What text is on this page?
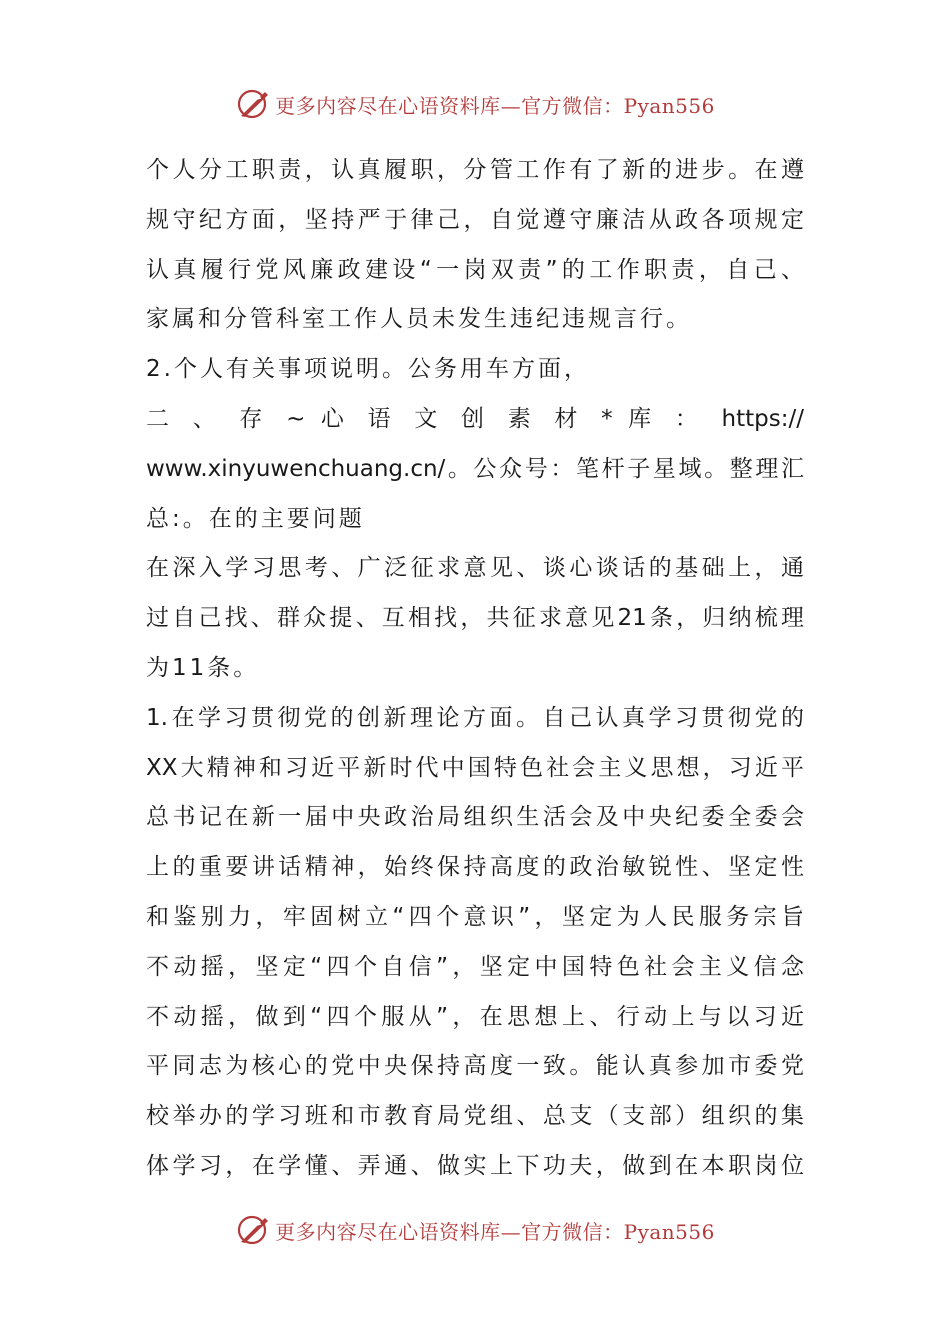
更多内容尽在心语资料库—官方微信：Pyan556

个人分工职责，认真履职，分管工作有了新的进步。在遵

规守纪方面，坚持严于律己，自觉遵守廉洁从政各项规定

认真履行党风廉政建设“一岗双责”的工作职责，自己、

家属和分管科室工作人员未发生违纪违规言行。

2.个人有关事项说明。公务用车方面，

二 、 存 ~ 心 语 文 创 素 材 * 库 ： https://

www.xinyuwenchuang.cn/。公众号：笔杆子星域。整理汇

总:。在的主要问题

在深入学习思考、广泛征求意见、谈心谈话的基础上，通

过自己找、群众提、互相找，共征求意见21条，归纳梳理

为11条。

1.在学习贯彻党的创新理论方面。自己认真学习贯彻党的

XX大精神和习近平新时代中国特色社会主义思想，习近平

总书记在新一届中央政治局组织生活会及中央纪委全委会

上的重要讲话精神，始终保持高度的政治敏锐性、坚定性

和鉴别力，牢固树立“四个意识”，坚定为人民服务宗旨

不动摇，坚定“四个自信”，坚定中国特色社会主义信念

不动摇，做到“四个服从”，在思想上、行动上与以习近

平同志为核心的党中央保持高度一致。能认真参加市委党

校举办的学习班和市教育局党组、总支（支部）组织的集

体学习，在学懂、弄通、做实上下功夫，做到在本职岗位

更多内容尽在心语资料库—官方微信：Pyan556
